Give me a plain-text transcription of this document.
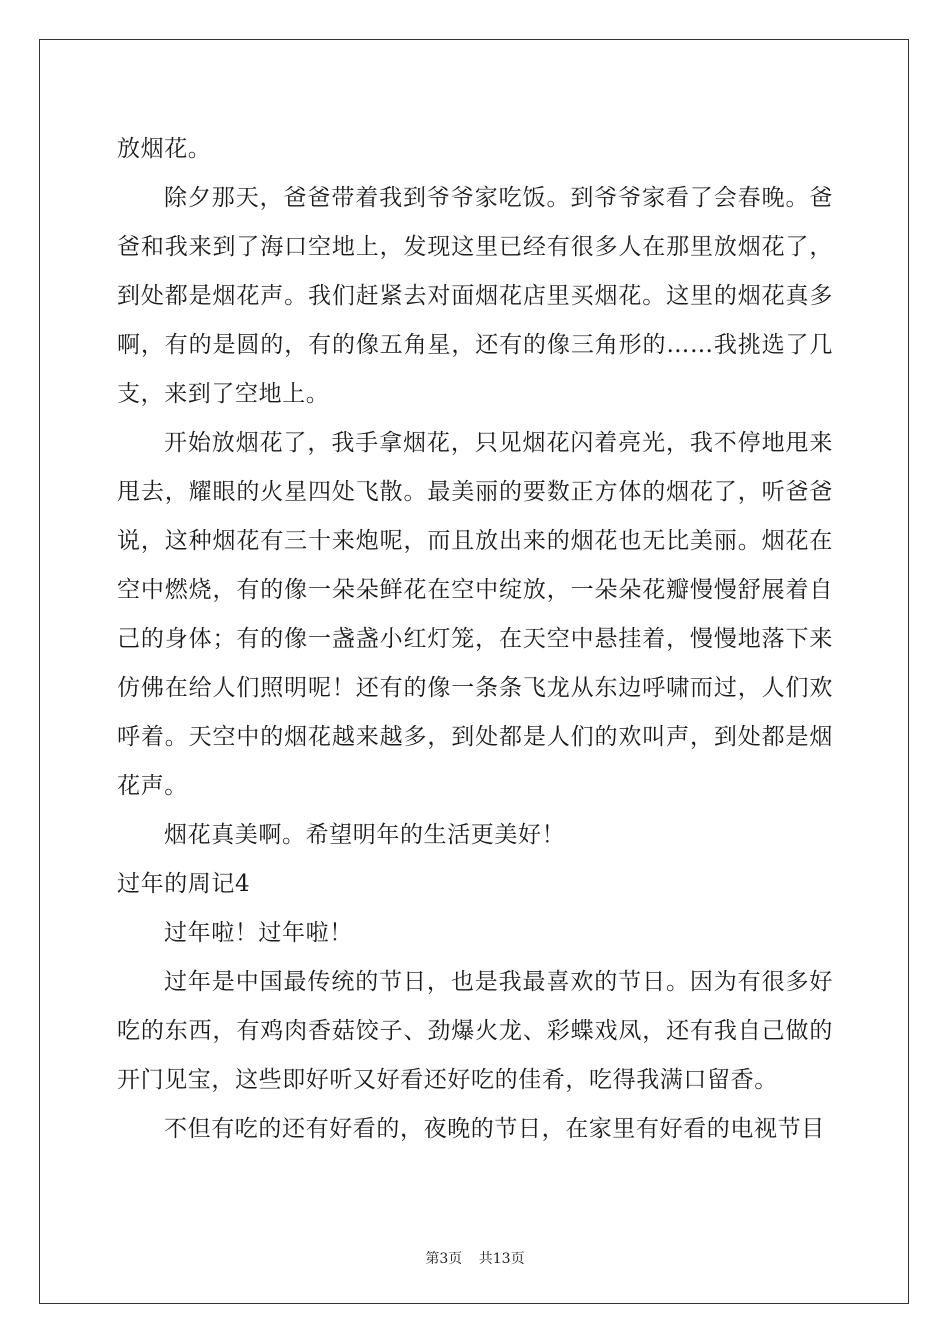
放烟花。

除夕那天，爸爸带着我到爷爷家吃饭。到爷爷家看了会春晚。爸爸和我来到了海口空地上，发现这里已经有很多人在那里放烟花了，到处都是烟花声。我们赶紧去对面烟花店里买烟花。这里的烟花真多啊，有的是圆的，有的像五角星，还有的像三角形的……我挑选了几支，来到了空地上。

开始放烟花了，我手拿烟花，只见烟花闪着亮光，我不停地甩来甩去，耀眼的火星四处飞散。最美丽的要数正方体的烟花了，听爸爸说，这种烟花有三十来炮呢，而且放出来的烟花也无比美丽。烟花在空中燃烧，有的像一朵朵鲜花在空中绽放，一朵朵花瓣慢慢舒展着自己的身体；有的像一盏盏小红灯笼，在天空中悬挂着，慢慢地落下来仿佛在给人们照明呢！还有的像一条条飞龙从东边呼啸而过，人们欢呼着。天空中的烟花越来越多，到处都是人们的欢叫声，到处都是烟花声。

烟花真美啊。希望明年的生活更美好！

过年的周记4

过年啦！过年啦！

过年是中国最传统的节日，也是我最喜欢的节日。因为有很多好吃的东西，有鸡肉香菇饺子、劲爆火龙、彩蝶戏凤，还有我自己做的开门见宝，这些即好听又好看还好吃的佳肴，吃得我满口留香。

不但有吃的还有好看的，夜晚的节日，在家里有好看的电视节目

第3页 共13页
